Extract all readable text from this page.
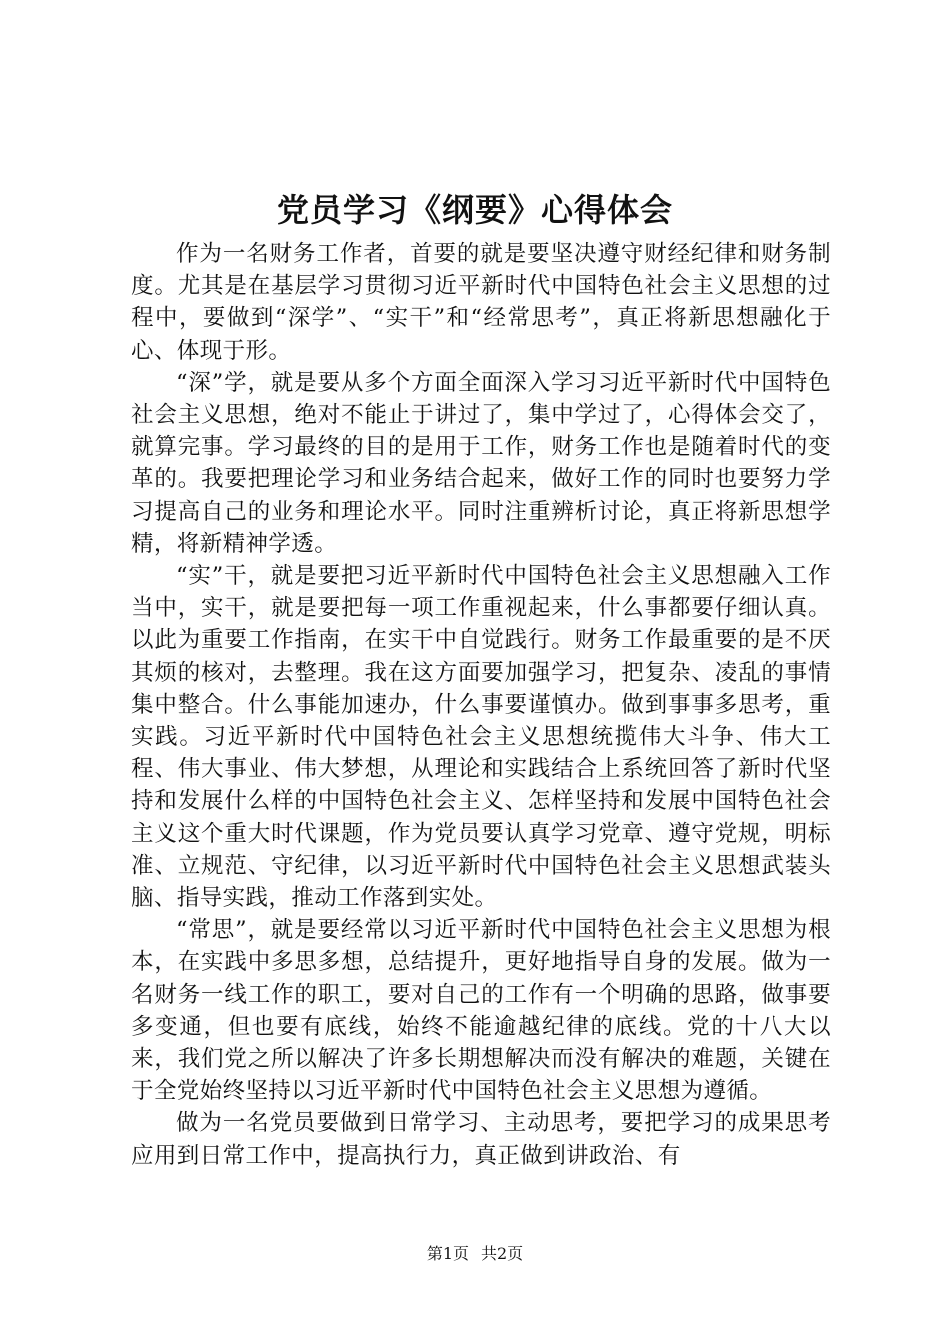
党员学习《纲要》心得体会

作为一名财务工作者，首要的就是要坚决遵守财经纪律和财务制度。尤其是在基层学习贯彻习近平新时代中国特色社会主义思想的过程中，要做到“深学”、“实干”和“经常思考”，真正将新思想融化于心、体现于形。

“深”学，就是要从多个方面全面深入学习习近平新时代中国特色社会主义思想，绝对不能止于讲过了，集中学过了，心得体会交了，就算完事。学习最终的目的是用于工作，财务工作也是随着时代的变革的。我要把理论学习和业务结合起来，做好工作的同时也要努力学习提高自己的业务和理论水平。同时注重辨析讨论，真正将新思想学精，将新精神学透。

“实”干，就是要把习近平新时代中国特色社会主义思想融入工作当中，实干，就是要把每一项工作重视起来，什么事都要仔细认真。以此为重要工作指南，在实干中自觉践行。财务工作最重要的是不厌其烦的核对，去整理。我在这方面要加强学习，把复杂、凌乱的事情集中整合。什么事能加速办，什么事要谨慎办。做到事事多思考，重实践。习近平新时代中国特色社会主义思想统揽伟大斗争、伟大工程、伟大事业、伟大梦想，从理论和实践结合上系统回答了新时代坚持和发展什么样的中国特色社会主义、怎样坚持和发展中国特色社会主义这个重大时代课题，作为党员要认真学习党章、遵守党规，明标准、立规范、守纪律，以习近平新时代中国特色社会主义思想武装头脑、指导实践，推动工作落到实处。

“常思”，就是要经常以习近平新时代中国特色社会主义思想为根本，在实践中多思多想，总结提升，更好地指导自身的发展。做为一名财务一线工作的职工，要对自己的工作有一个明确的思路，做事要多变通，但也要有底线，始终不能逾越纪律的底线。党的十八大以来，我们党之所以解决了许多长期想解决而没有解决的难题，关键在于全党始终坚持以习近平新时代中国特色社会主义思想为遵循。

做为一名党员要做到日常学习、主动思考，要把学习的成果思考应用到日常工作中，提高执行力，真正做到讲政治、有

第1页 共2页
